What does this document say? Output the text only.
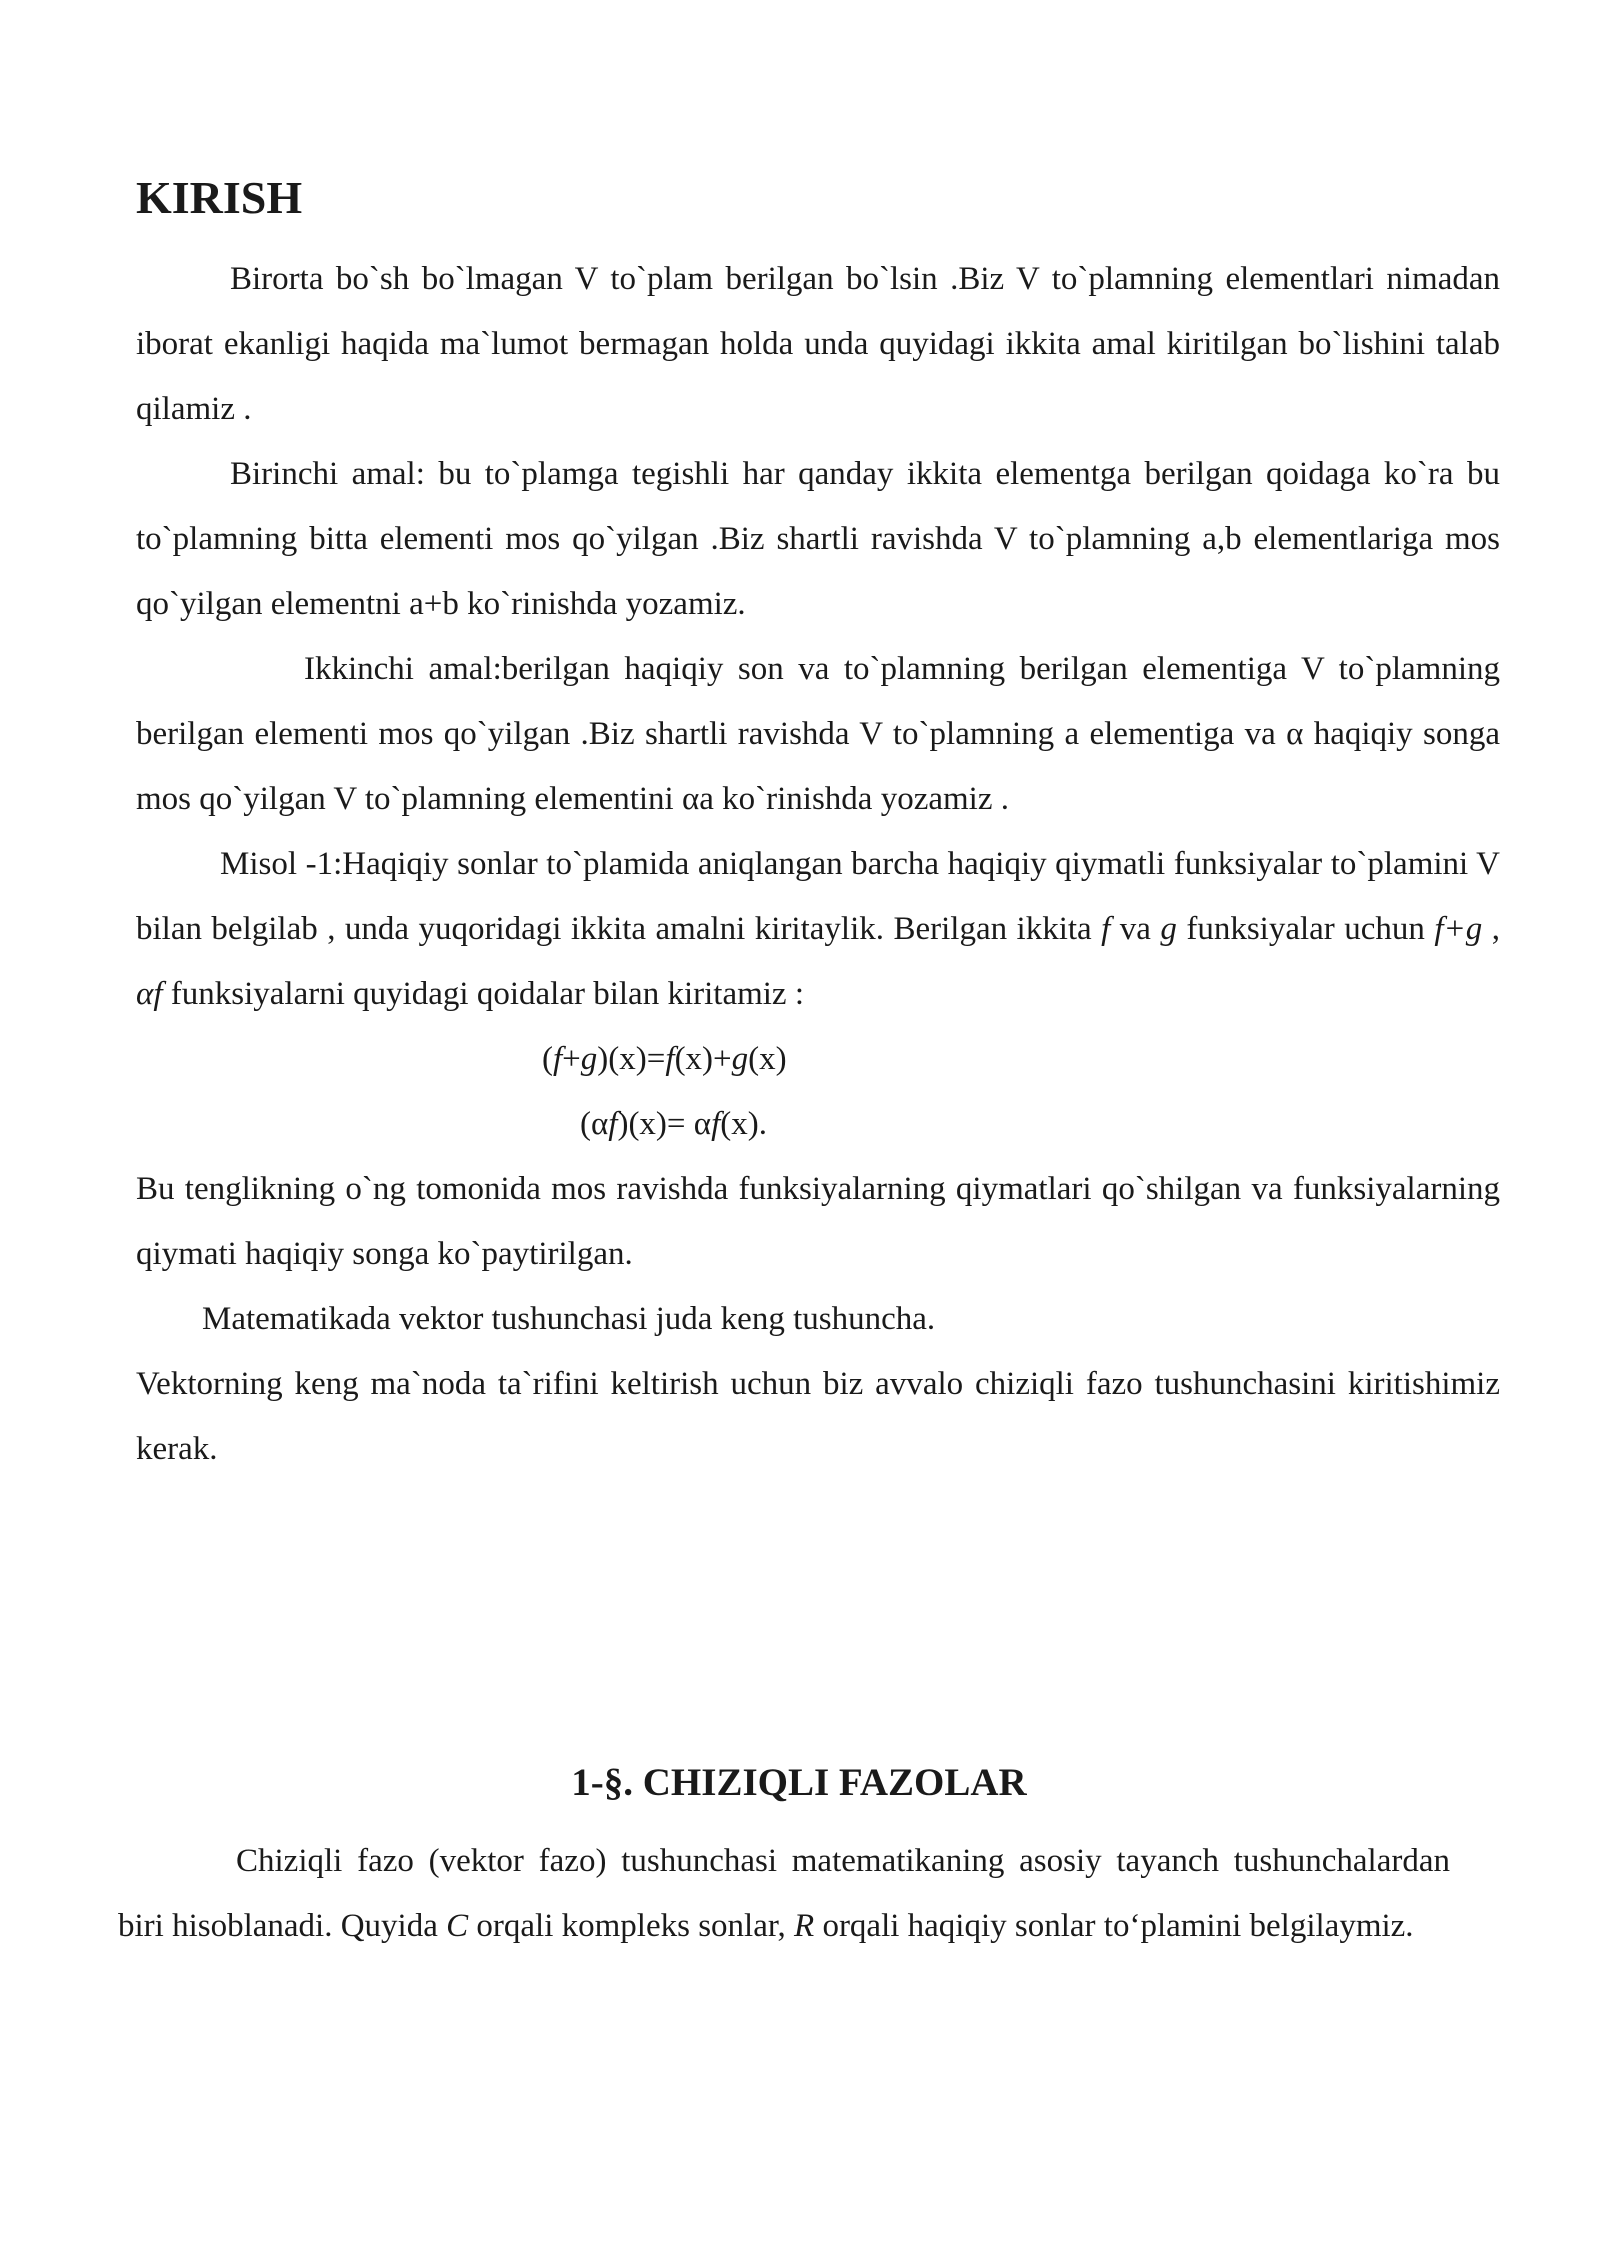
KIRISH

Birorta bo`sh bo`lmagan V to`plam berilgan bo`lsin .Biz V to`plamning elementlari nimadan iborat ekanligi haqida ma`lumot bermagan holda unda quyidagi ikkita amal kiritilgan bo`lishini talab qilamiz .

Birinchi amal: bu to`plamga tegishli har qanday ikkita elementga berilgan qoidaga ko`ra bu to`plamning bitta elementi mos qo`yilgan .Biz shartli ravishda V to`plamning a,b elementlariga mos qo`yilgan elementni a+b ko`rinishda yozamiz.

Ikkinchi amal:berilgan haqiqiy son va to`plamning berilgan elementiga V to`plamning berilgan elementi mos qo`yilgan .Biz shartli ravishda V to`plamning a elementiga va α haqiqiy songa mos qo`yilgan V to`plamning elementini αa ko`rinishda yozamiz .

Misol -1:Haqiqiy sonlar to`plamida aniqlangan barcha haqiqiy qiymatli funksiyalar to`plamini V bilan belgilab , unda yuqoridagi ikkita amalni kiritaylik. Berilgan ikkita f va g funksiyalar uchun f+g , αf funksiyalarni quyidagi qoidalar bilan kiritamiz :

(f+g)(x)=f(x)+g(x)

(αf)(x)= αf(x).

Bu tenglikning o`ng tomonida mos ravishda funksiyalarning qiymatlari qo`shilgan va funksiyalarning qiymati haqiqiy songa ko`paytirilgan.

Matematikada vektor tushunchasi juda keng tushuncha.

Vektorning keng ma`noda ta`rifini keltirish uchun biz avvalo chiziqli fazo tushunchasini kiritishimiz kerak.

1-§. CHIZIQLI FAZOLAR

Chiziqli fazo (vektor fazo) tushunchasi matematikaning asosiy tayanch tushunchalardan biri hisoblanadi. Quyida C orqali kompleks sonlar, R orqali haqiqiy sonlar to‘plamini belgilaymiz.
